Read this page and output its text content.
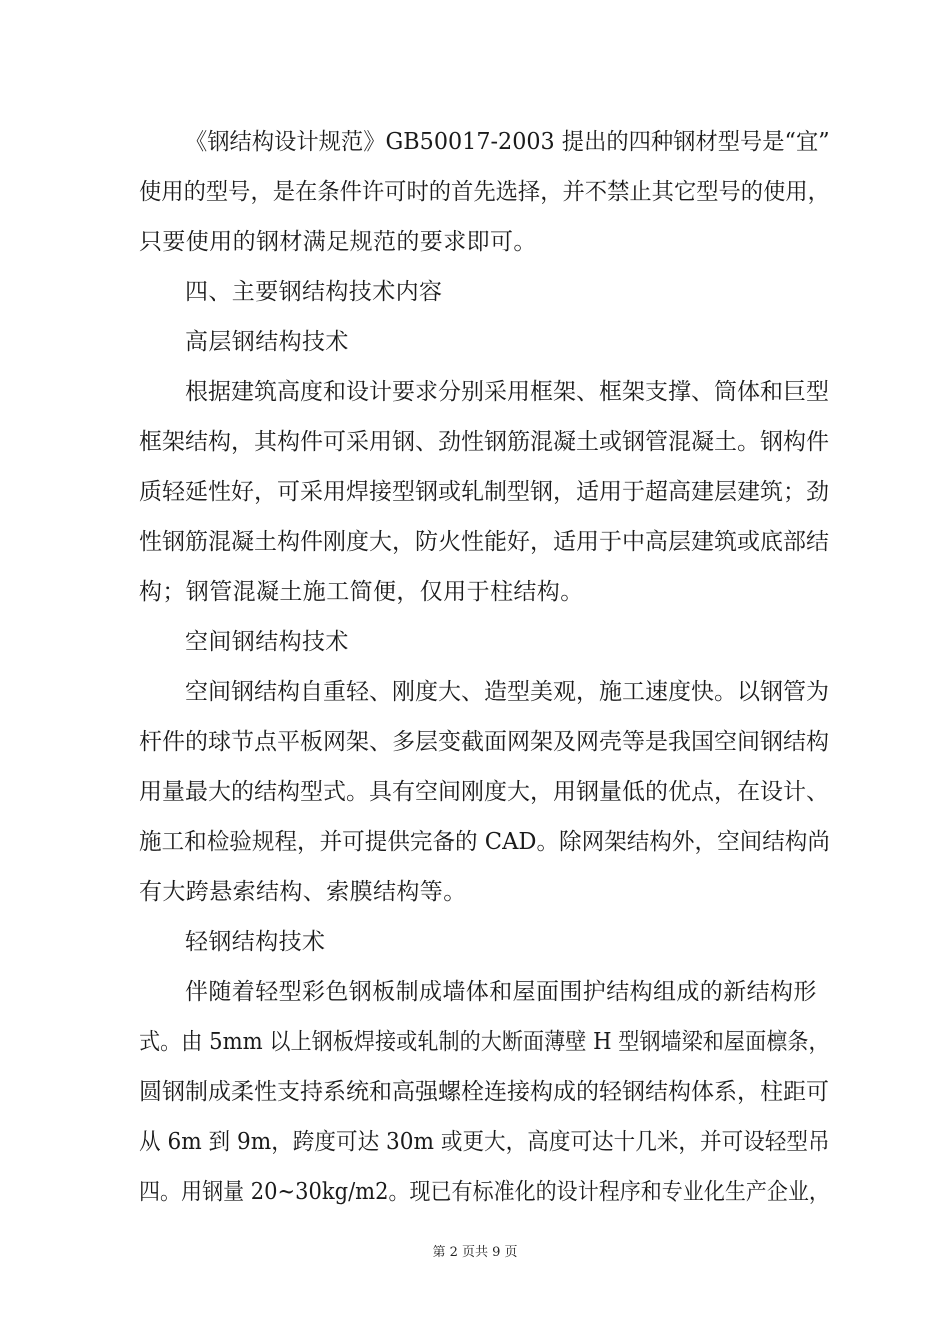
《钢结构设计规范》GB50017-2003 提出的四种钢材型号是“宜”
使用的型号，是在条件许可时的首先选择，并不禁止其它型号的使用，
只要使用的钢材满足规范的要求即可。
四、主要钢结构技术内容
高层钢结构技术
根据建筑高度和设计要求分别采用框架、框架支撑、筒体和巨型
框架结构，其构件可采用钢、劲性钢筋混凝土或钢管混凝土。钢构件
质轻延性好，可采用焊接型钢或轧制型钢，适用于超高建层建筑；劲
性钢筋混凝土构件刚度大，防火性能好，适用于中高层建筑或底部结
构；钢管混凝土施工简便，仅用于柱结构。
空间钢结构技术
空间钢结构自重轻、刚度大、造型美观，施工速度快。以钢管为
杆件的球节点平板网架、多层变截面网架及网壳等是我国空间钢结构
用量最大的结构型式。具有空间刚度大，用钢量低的优点，在设计、
施工和检验规程，并可提供完备的 CAD。除网架结构外，空间结构尚
有大跨悬索结构、索膜结构等。
轻钢结构技术
伴随着轻型彩色钢板制成墙体和屋面围护结构组成的新结构形
式。由 5mm 以上钢板焊接或轧制的大断面薄壁 H 型钢墙梁和屋面檩条，
圆钢制成柔性支持系统和高强螺栓连接构成的轻钢结构体系，柱距可
从 6m 到 9m，跨度可达 30m 或更大，高度可达十几米，并可设轻型吊
四。用钢量 20~30kg/m2。现已有标准化的设计程序和专业化生产企业，
第 2 页共 9 页
